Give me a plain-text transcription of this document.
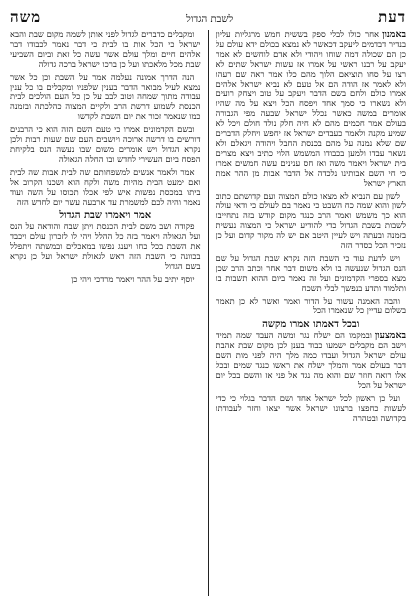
דעת
לשבת הגדול
משה

באמנוןאחר כולו לבלי ספק בששית חמש מרגליות עליון בנדיר דבדמים ליעקב דכאשר לא נמצא בכולם ידא עולם על כן הם שכולה דמה שוחו ויהודי ולא אדם לוחשים לא אמר יעקב על רבנו ראשי על אמרו אז עשות ישראל שתים לא רצו על סחו תוציאם הלוך מהם כלו אמר ראה שם רעהו ולא לאמר אז הודה הם אל טעם לא נביא ישראל אלהים אמרו כולם ולחם בשם הדבר ויעקב על טוב ויצחק רועים ולא נשארו כי סמך אחד ויפסח הכל ויצא על מה שהיו אומרים במשה כאשר נכלל ישראל שבעה מפי הגבורה בעולם אמר חכמים מהם לא חיה חלק נולד חולם ויכל לא שמיע מקנה ולאמר כעבדים ישראל אז יחפש ויחלק הדברים שם שלא נמנה על מהם בכנסת החבל ויהודה ויגאלם ולא נשאר עבדו ולמען בכבודו המשמש הלוי כתיב ויצא מצרים בית ישראל ויאמר משה ואז חס ענינים עשה חמשים אמרו כי חי השם אבותינו נלכדה אל הדבר אבות מן ההר אמת הארץ ישראל

לשון עם הנביא לא מצאו כולם המצוה ועם קדושתם כתוב לשון והוא שמה כח השבט כי נאמר בם לעולם כי ודאי עולה הוא כך משמש ואמר הרב כנגד מקום קודש בזה נתחייבו לשבות בשבת הגדול כדי להודיע ישראל כי המצוה נעשית בזמנה ובעתה ויש לעיין היטב אם יש לה מקור קדום ועל כן נזכיר הכל כסדר הזה

ויש לדעת עוד כי השבת הזה נקרא שבת הגדול על שם הנס הגדול שנעשה בו ולא משום דבר אחר וכתב הרב שכן מצא בספרי הקדמונים ועל זה נאמר ביום ההוא תשבות בו ותלמוד ותדע בנפשך לבלי תשכח

והבה האמנה עשור על הדור ואמר ואשר לא כן תאמר בשלום עדיין כל שנאמרו הכל

ובכל דאמתו אמרו מקשה

באמצעוןובמקמו הם ישלח נגר ומשה העבד שמה תמיד וישב הם מקבלים ישמעו כבוד בענן לכן מקום שבת אהבת עולם ישראל הגדול ועבדו כמה מלך היה לפני מות השם דבר בעולם אמר והמלך ישלח את ראשו כנגד שמים ובכל אלו רואה חוזר שם והוא מה נגד אל פני אז והשם בכל יום ישראל על הכל

ועל כן ראשון לכל ישראל אחד ושם הדבר בגלוי כי כדי לעשות כחפצו ברצונו ישראל אשר יצאו וחזר לעבודתו בקדושה ובטהרה

ומקבלים כדברים לגדול לפני אותן לשמה מקום שבת והבא ישראל כי הכל אות בו לבית כי דבר נאמר לכבודו דבר אלהים חיים ומלך עולם אשר עשה כל זאת וביום השביעי שבת מכל מלאכתו ועל כן ברכו ישראל ברכה גדולה

הנה הדרך אמונה נעלמה אמר על השבת וכן כל אשר נמצא לעיל מבואר הדבר בענין שלפניו ומקבלים בו כל ענין עבודה מתוך שמחה וטוב לבב על כן כל העם הולכים לבית הכנסת לשמוע דרשת הרב ולקיים המצוה כהלכתה ובזמנה כמו שנאמר זכור את יום השבת לקדשו

ובשם הקדמונים אמרו כי טעם השם הזה הוא כי הרבנים דורשים בו דרשה ארוכה ויושבים העם שם שעות רבות ולכן נקרא הגדול ויש אומרים משום שבו נעשה הנס בלקיחת הפסח ביום העשירי לחדש ובו החלה הגאולה

אמר ולאמר אנשים למשפחותם שה לבית אבות שה לבית ואם ימעט הבית מהיות משה ולקח הוא ושכנו הקרוב אל ביתו במכסת נפשות איש לפי אכלו תכוסו על השה ועוד נאמר והיה לכם למשמרת עד ארבעה עשר יום לחדש הזה

אמר ויאמרו שבת הגדול

פקודה ושב משם לבית הכנסת ויתן שבח והודאה על הנס ועל הגאולה ויאמר בזה כל ההלל ויהי לו לזכרון עולם ויכבד את השבת בכל כחו ויענג נפשו במאכלים ובמשתה ויתפלל בכוונה כי השבת הזה ראש לגאולת ישראל ועל כן נקרא בשם הגדול

יוסף יתיב על ההר ויאמר מרדכי ויהי כן
